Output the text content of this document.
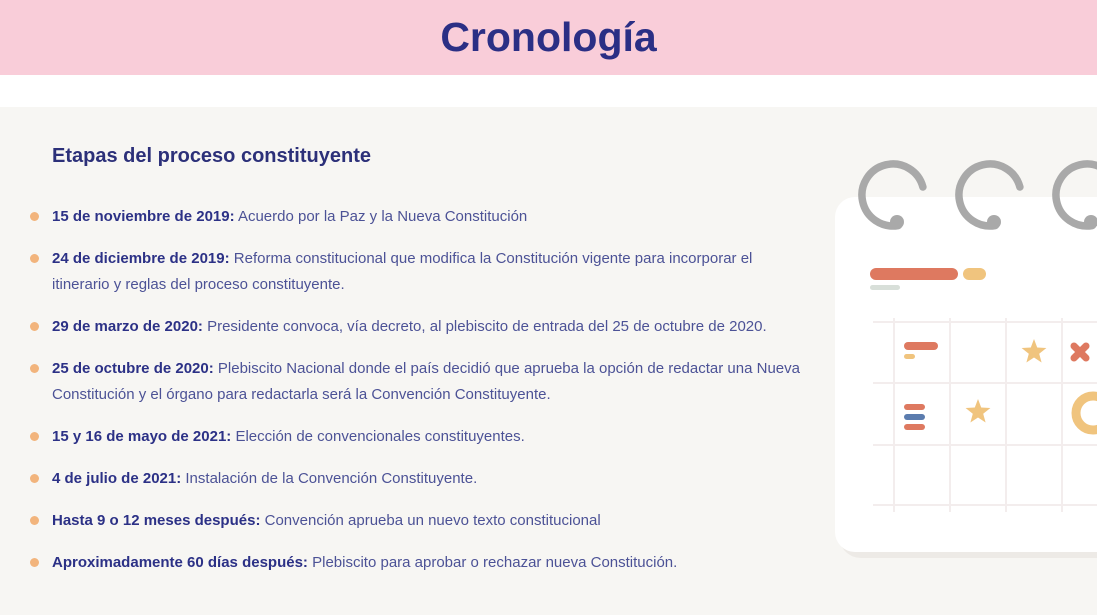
Cronología
Etapas del proceso constituyente
15 de noviembre de 2019: Acuerdo por la Paz y la Nueva Constitución
24 de diciembre de 2019: Reforma constitucional que modifica la Constitución vigente para incorporar el itinerario y reglas del proceso constituyente.
29 de marzo de 2020: Presidente convoca, vía decreto, al plebiscito de entrada del 25 de octubre de 2020.
25 de octubre de 2020: Plebiscito Nacional donde el país decidió que aprueba la opción de redactar una Nueva Constitución y el órgano para redactarla será la Convención Constituyente.
15 y 16 de mayo de 2021: Elección de convencionales constituyentes.
4 de julio de 2021: Instalación de la Convención Constituyente.
Hasta 9 o 12 meses después: Convención aprueba un nuevo texto constitucional
Aproximadamente 60 días después: Plebiscito para aprobar o rechazar nueva Constitución.
